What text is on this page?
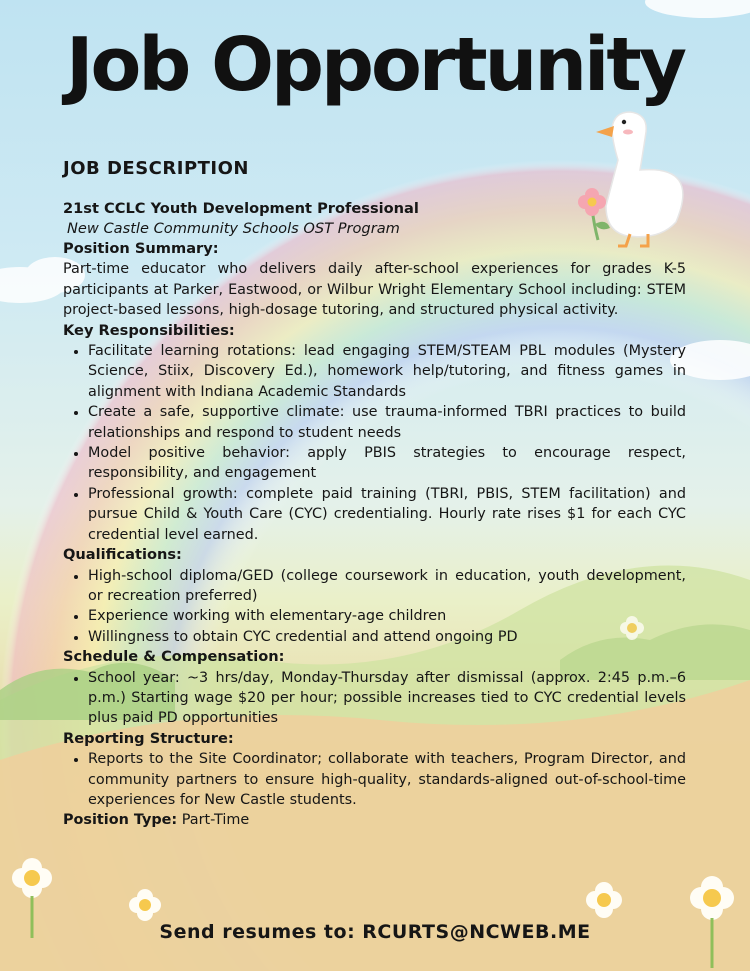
Job Opportunity
JOB DESCRIPTION
21st CCLC Youth Development Professional
New Castle Community Schools OST Program
Position Summary:

Part-time educator who delivers daily after-school experiences for grades K-5 participants at Parker, Eastwood, or Wilbur Wright Elementary School including: STEM project-based lessons, high-dosage tutoring, and structured physical activity.

Key Responsibilities:
• Facilitate learning rotations: lead engaging STEM/STEAM PBL modules (Mystery Science, Stiix, Discovery Ed.), homework help/tutoring, and fitness games in alignment with Indiana Academic Standards
• Create a safe, supportive climate: use trauma-informed TBRI practices to build relationships and respond to student needs
• Model positive behavior: apply PBIS strategies to encourage respect, responsibility, and engagement
• Professional growth: complete paid training (TBRI, PBIS, STEM facilitation) and pursue Child & Youth Care (CYC) credentialing. Hourly rate rises $1 for each CYC credential level earned.
Qualifications:
• High-school diploma/GED (college coursework in education, youth development, or recreation preferred)
• Experience working with elementary-age children
• Willingness to obtain CYC credential and attend ongoing PD
Schedule & Compensation:
• School year: ~3 hrs/day, Monday-Thursday after dismissal (approx. 2:45 p.m.–6 p.m.) Starting wage $20 per hour; possible increases tied to CYC credential levels plus paid PD opportunities
Reporting Structure:
• Reports to the Site Coordinator; collaborate with teachers, Program Director, and community partners to ensure high-quality, standards-aligned out-of-school-time experiences for New Castle students.

Position Type: Part-Time

Send resumes to: RCURTS@NCWEB.ME
